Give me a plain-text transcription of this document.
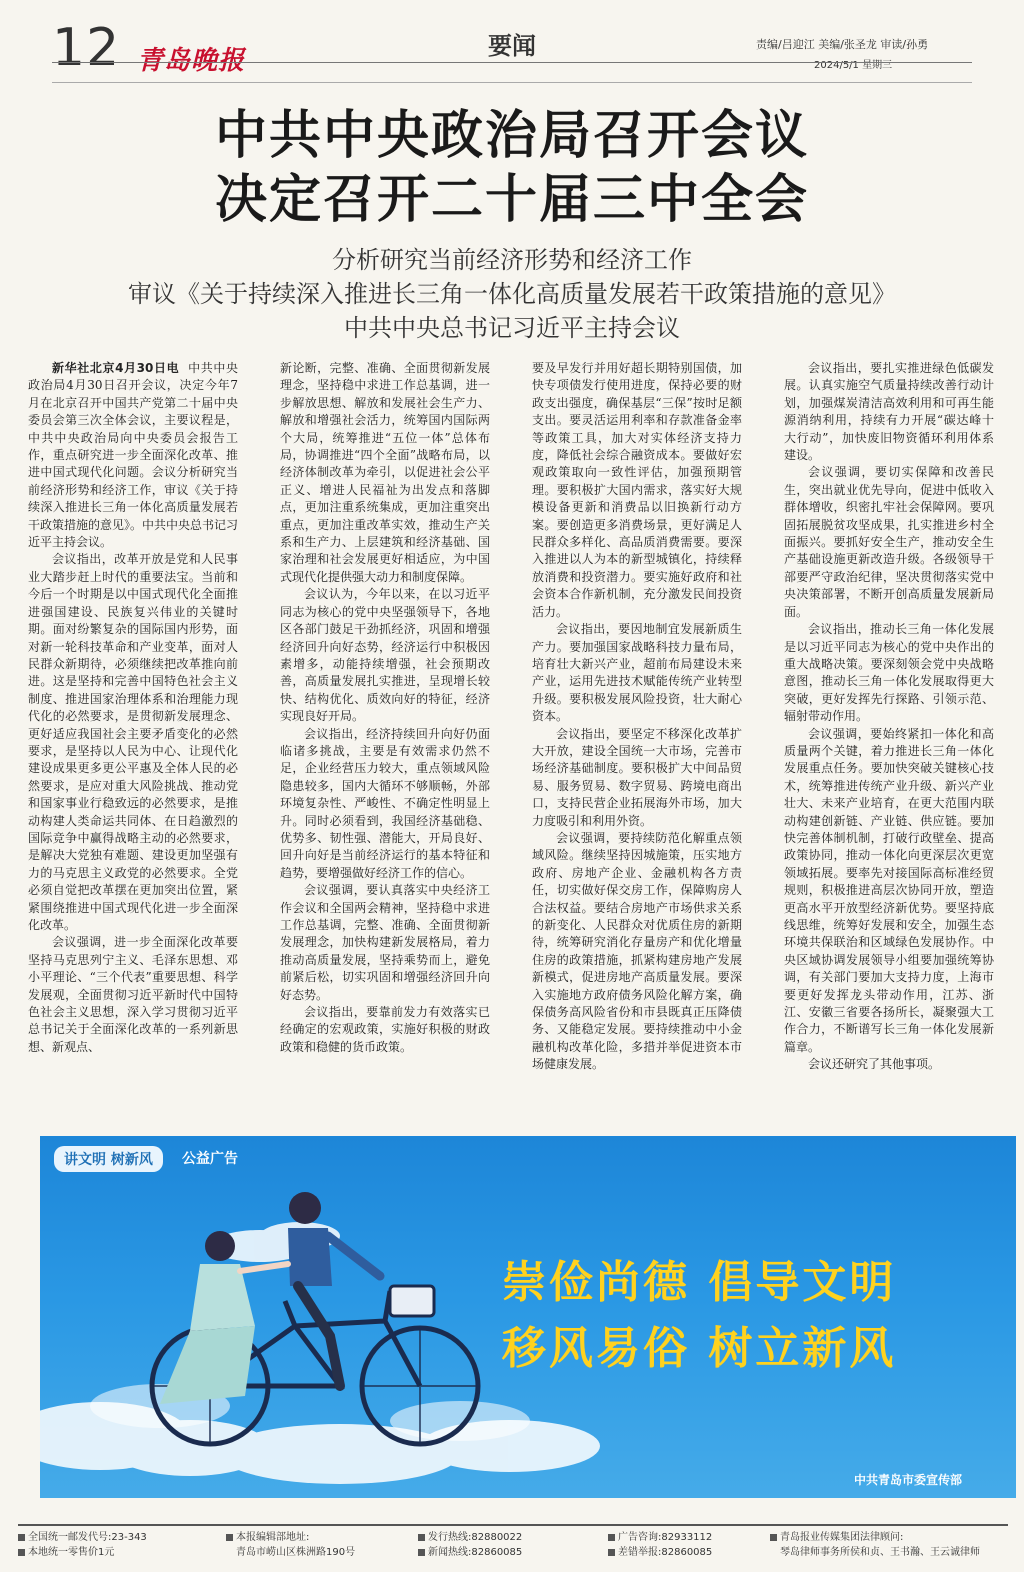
12 青岛晚报	要闻	责编/吕迎江 美编/张圣龙 审读/孙勇
2024/5/1 星期三
中共中央政治局召开会议
决定召开二十届三中全会
分析研究当前经济形势和经济工作
审议《关于持续深入推进长三角一体化高质量发展若干政策措施的意见》
中共中央总书记习近平主持会议

新华社北京4月30日电 中共中央政治局4月30日召开会议，决定今年7月在北京召开中国共产党第二十届中央委员会第三次全体会议，主要议程是，中共中央政治局向中央委员会报告工作，重点研究进一步全面深化改革、推进中国式现代化问题。会议分析研究当前经济形势和经济工作，审议《关于持续深入推进长三角一体化高质量发展若干政策措施的意见》。中共中央总书记习近平主持会议。

会议指出，改革开放是党和人民事业大踏步赶上时代的重要法宝。当前和今后一个时期是以中国式现代化全面推进强国建设、民族复兴伟业的关键时期。面对纷繁复杂的国际国内形势，面对新一轮科技革命和产业变革，面对人民群众新期待，必须继续把改革推向前进。这是坚持和完善中国特色社会主义制度、推进国家治理体系和治理能力现代化的必然要求，是贯彻新发展理念、更好适应我国社会主要矛盾变化的必然要求，是坚持以人民为中心、让现代化建设成果更多更公平惠及全体人民的必然要求，是应对重大风险挑战、推动党和国家事业行稳致远的必然要求，是推动构建人类命运共同体、在日趋激烈的国际竞争中赢得战略主动的必然要求，是解决大党独有难题、建设更加坚强有力的马克思主义政党的必然要求。全党必须自觉把改革摆在更加突出位置，紧紧围绕推进中国式现代化进一步全面深化改革。

会议强调，进一步全面深化改革要坚持马克思列宁主义、毛泽东思想、邓小平理论、“三个代表”重要思想、科学发展观，全面贯彻习近平新时代中国特色社会主义思想，深入学习贯彻习近平总书记关于全面深化改革的一系列新思想、新观点、

新论断，完整、准确、全面贯彻新发展理念，坚持稳中求进工作总基调，进一步解放思想、解放和发展社会生产力、解放和增强社会活力，统筹国内国际两个大局，统筹推进“五位一体”总体布局，协调推进“四个全面”战略布局，以经济体制改革为牵引，以促进社会公平正义、增进人民福祉为出发点和落脚点，更加注重系统集成，更加注重突出重点，更加注重改革实效，推动生产关系和生产力、上层建筑和经济基础、国家治理和社会发展更好相适应，为中国式现代化提供强大动力和制度保障。

会议认为，今年以来，在以习近平同志为核心的党中央坚强领导下，各地区各部门鼓足干劲抓经济，巩固和增强经济回升向好态势，经济运行中积极因素增多，动能持续增强，社会预期改善，高质量发展扎实推进，呈现增长较快、结构优化、质效向好的特征，经济实现良好开局。

会议指出，经济持续回升向好仍面临诸多挑战，主要是有效需求仍然不足，企业经营压力较大，重点领域风险隐患较多，国内大循环不够顺畅，外部环境复杂性、严峻性、不确定性明显上升。同时必须看到，我国经济基础稳、优势多、韧性强、潜能大，开局良好、回升向好是当前经济运行的基本特征和趋势，要增强做好经济工作的信心。

会议强调，要认真落实中央经济工作会议和全国两会精神，坚持稳中求进工作总基调，完整、准确、全面贯彻新发展理念，加快构建新发展格局，着力推动高质量发展，坚持乘势而上，避免前紧后松，切实巩固和增强经济回升向好态势。

会议指出，要靠前发力有效落实已经确定的宏观政策，实施好积极的财政政策和稳健的货币政策。

要及早发行并用好超长期特别国债，加快专项债发行使用进度，保持必要的财政支出强度，确保基层“三保”按时足额支出。要灵活运用利率和存款准备金率等政策工具，加大对实体经济支持力度，降低社会综合融资成本。要做好宏观政策取向一致性评估，加强预期管理。要积极扩大国内需求，落实好大规模设备更新和消费品以旧换新行动方案。要创造更多消费场景，更好满足人民群众多样化、高品质消费需要。要深入推进以人为本的新型城镇化，持续释放消费和投资潜力。要实施好政府和社会资本合作新机制，充分激发民间投资活力。

会议指出，要因地制宜发展新质生产力。要加强国家战略科技力量布局，培育壮大新兴产业，超前布局建设未来产业，运用先进技术赋能传统产业转型升级。要积极发展风险投资，壮大耐心资本。

会议指出，要坚定不移深化改革扩大开放，建设全国统一大市场，完善市场经济基础制度。要积极扩大中间品贸易、服务贸易、数字贸易、跨境电商出口，支持民营企业拓展海外市场，加大力度吸引和利用外资。

会议强调，要持续防范化解重点领域风险。继续坚持因城施策，压实地方政府、房地产企业、金融机构各方责任，切实做好保交房工作，保障购房人合法权益。要结合房地产市场供求关系的新变化、人民群众对优质住房的新期待，统筹研究消化存量房产和优化增量住房的政策措施，抓紧构建房地产发展新模式，促进房地产高质量发展。要深入实施地方政府债务风险化解方案，确保债务高风险省份和市县既真正压降债务、又能稳定发展。要持续推动中小金融机构改革化险，多措并举促进资本市场健康发展。

会议指出，要扎实推进绿色低碳发展。认真实施空气质量持续改善行动计划，加强煤炭清洁高效利用和可再生能源消纳利用，持续有力开展“碳达峰十大行动”，加快废旧物资循环利用体系建设。

会议强调，要切实保障和改善民生，突出就业优先导向，促进中低收入群体增收，织密扎牢社会保障网。要巩固拓展脱贫攻坚成果，扎实推进乡村全面振兴。要抓好安全生产，推动安全生产基础设施更新改造升级。各级领导干部要严守政治纪律，坚决贯彻落实党中央决策部署，不断开创高质量发展新局面。

会议指出，推动长三角一体化发展是以习近平同志为核心的党中央作出的重大战略决策。要深刻领会党中央战略意图，推动长三角一体化发展取得更大突破，更好发挥先行探路、引领示范、辐射带动作用。

会议强调，要始终紧扣一体化和高质量两个关键，着力推进长三角一体化发展重点任务。要加快突破关键核心技术，统筹推进传统产业升级、新兴产业壮大、未来产业培育，在更大范围内联动构建创新链、产业链、供应链。要加快完善体制机制，打破行政壁垒、提高政策协同，推动一体化向更深层次更宽领域拓展。要率先对接国际高标准经贸规则，积极推进高层次协同开放，塑造更高水平开放型经济新优势。要坚持底线思维，统筹好发展和安全，加强生态环境共保联治和区域绿色发展协作。中央区域协调发展领导小组要加强统筹协调，有关部门要加大支持力度，上海市要更好发挥龙头带动作用，江苏、浙江、安徽三省要各扬所长，凝聚强大工作合力，不断谱写长三角一体化发展新篇章。

会议还研究了其他事项。

讲文明 树新风	公益广告
崇俭尚德 倡导文明
移风易俗 树立新风
中共青岛市委宣传部
全国统一邮发代号:23-343
本地统一零售价1元
本报编辑部地址:
青岛市崂山区株洲路190号
发行热线:82880022
新闻热线:82860085
广告咨询:82933112
差错举报:82860085
青岛报业传媒集团法律顾问:
琴岛律师事务所侯和贞、王书瀚、王云诚律师
